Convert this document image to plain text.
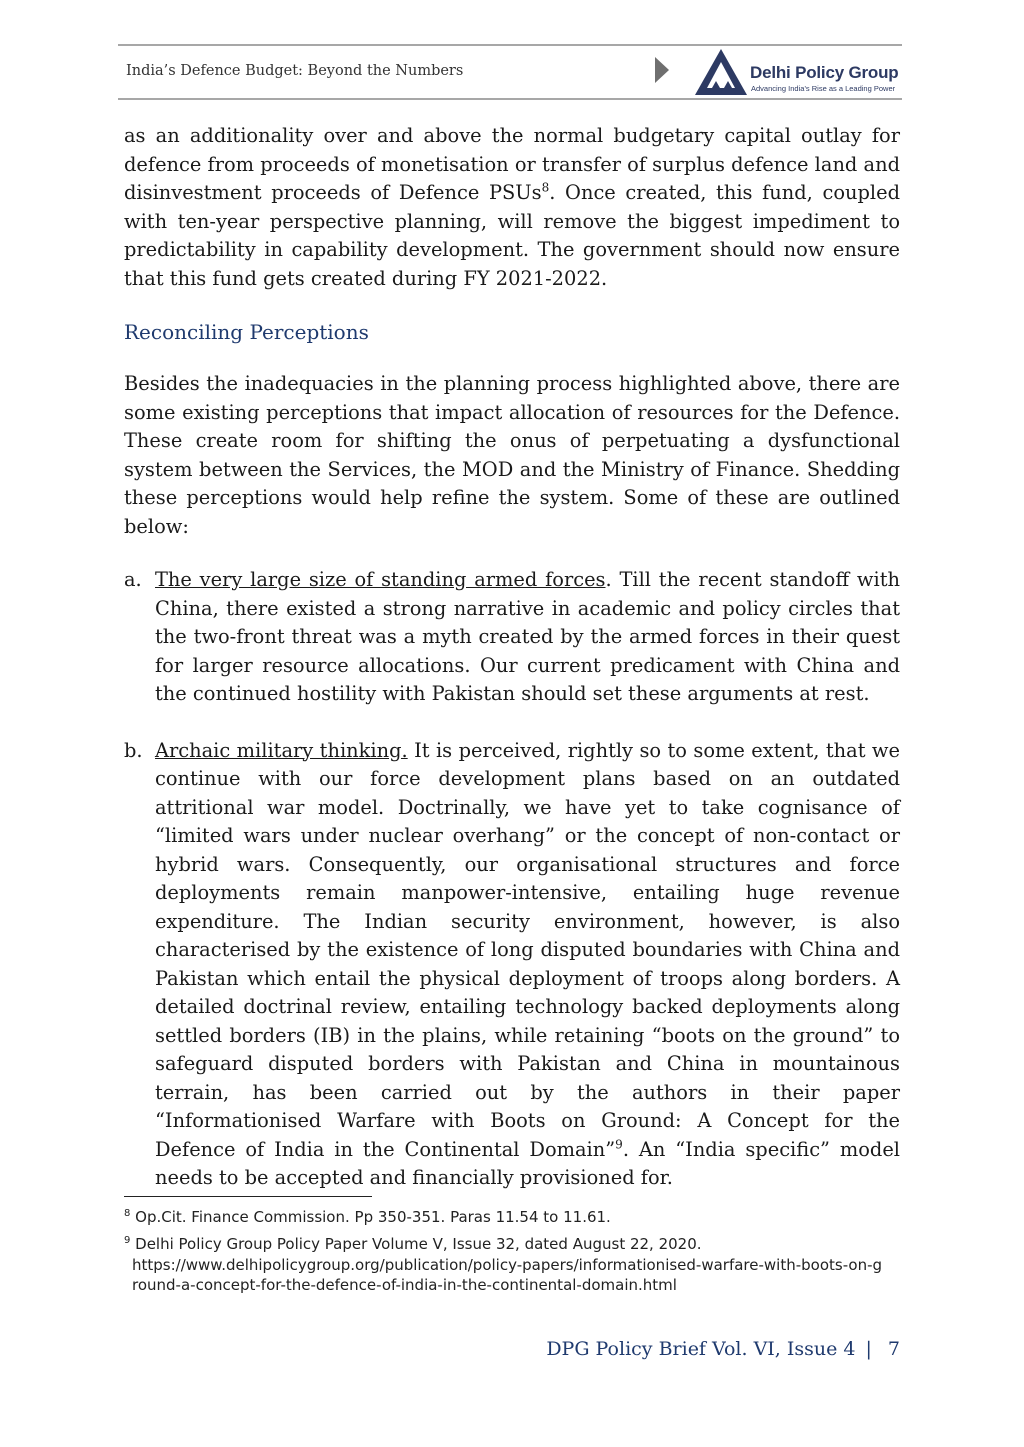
India’s Defence Budget: Beyond the Numbers	Delhi Policy Group
Advancing India’s Rise as a Leading Power

as an additionality over and above the normal budgetary capital outlay for defence from proceeds of monetisation or transfer of surplus defence land and disinvestment proceeds of Defence PSUs$^8$. Once created, this fund, coupled with ten-year perspective planning, will remove the biggest impediment to predictability in capability development. The government should now ensure that this fund gets created during FY 2021-2022.

Reconciling Perceptions

Besides the inadequacies in the planning process highlighted above, there are some existing perceptions that impact allocation of resources for the Defence. These create room for shifting the onus of perpetuating a dysfunctional system between the Services, the MOD and the Ministry of Finance. Shedding these perceptions would help refine the system. Some of these are outlined below:

a. The very large size of standing armed forces. Till the recent standoff with China, there existed a strong narrative in academic and policy circles that the two-front threat was a myth created by the armed forces in their quest for larger resource allocations. Our current predicament with China and the continued hostility with Pakistan should set these arguments at rest.

b. Archaic military thinking. It is perceived, rightly so to some extent, that we continue with our force development plans based on an outdated attritional war model. Doctrinally, we have yet to take cognisance of “limited wars under nuclear overhang” or the concept of non-contact or hybrid wars. Consequently, our organisational structures and force deployments remain manpower-intensive, entailing huge revenue expenditure. The Indian security environment, however, is also characterised by the existence of long disputed boundaries with China and Pakistan which entail the physical deployment of troops along borders. A detailed doctrinal review, entailing technology backed deployments along settled borders (IB) in the plains, while retaining “boots on the ground” to safeguard disputed borders with Pakistan and China in mountainous terrain, has been carried out by the authors in their paper “Informationised Warfare with Boots on Ground: A Concept for the Defence of India in the Continental Domain”$^9$. An “India specific” model needs to be accepted and financially provisioned for.

$^8$ Op.Cit. Finance Commission. Pp 350-351. Paras 11.54 to 11.61.
$^9$ Delhi Policy Group Policy Paper Volume V, Issue 32, dated August 22, 2020.
https://www.delhipolicygroup.org/publication/policy-papers/informationised-warfare-with-boots-on-ground-a-concept-for-the-defence-of-india-in-the-continental-domain.html
DPG Policy Brief Vol. VI, Issue 4 | 7
